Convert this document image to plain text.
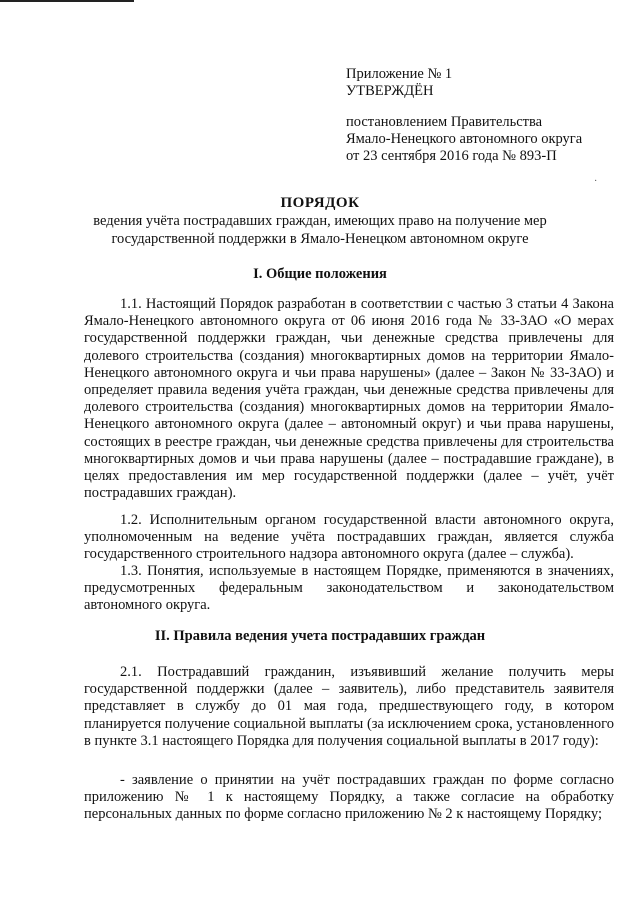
Приложение № 1
УТВЕРЖДЁН
постановлением Правительства
Ямало-Ненецкого автономного округа
от 23 сентября 2016 года № 893-П
·
ПОРЯДОК
ведения учёта пострадавших граждан, имеющих право на получение мер государственной поддержки в Ямало-Ненецком автономном округе
I. Общие положения
1.1. Настоящий Порядок разработан в соответствии с частью 3 статьи 4 Закона Ямало-Ненецкого автономного округа от 06 июня 2016 года № 33-ЗАО «О мерах государственной поддержки граждан, чьи денежные средства привлечены для долевого строительства (создания) многоквартирных домов на территории Ямало-Ненецкого автономного округа и чьи права нарушены» (далее – Закон № 33-ЗАО) и определяет правила ведения учёта граждан, чьи денежные средства привлечены для долевого строительства (создания) многоквартирных домов на территории Ямало-Ненецкого автономного округа (далее – автономный округ) и чьи права нарушены, состоящих в реестре граждан, чьи денежные средства привлечены для строительства многоквартирных домов и чьи права нарушены (далее – пострадавшие граждане), в целях предоставления им мер государственной поддержки (далее – учёт, учёт пострадавших граждан).
1.2. Исполнительным органом государственной власти автономного округа, уполномоченным на ведение учёта пострадавших граждан, является служба государственного строительного надзора автономного округа (далее – служба).
1.3. Понятия, используемые в настоящем Порядке, применяются в значениях, предусмотренных федеральным законодательством и законодательством автономного округа.
II. Правила ведения учета пострадавших граждан
2.1. Пострадавший гражданин, изъявивший желание получить меры государственной поддержки (далее – заявитель), либо представитель заявителя представляет в службу до 01 мая года, предшествующего году, в котором планируется получение социальной выплаты (за исключением срока, установленного в пункте 3.1 настоящего Порядка для получения социальной выплаты в 2017 году):
- заявление о принятии на учёт пострадавших граждан по форме согласно приложению № 1 к настоящему Порядку, а также согласие на обработку персональных данных по форме согласно приложению № 2 к настоящему Порядку;
